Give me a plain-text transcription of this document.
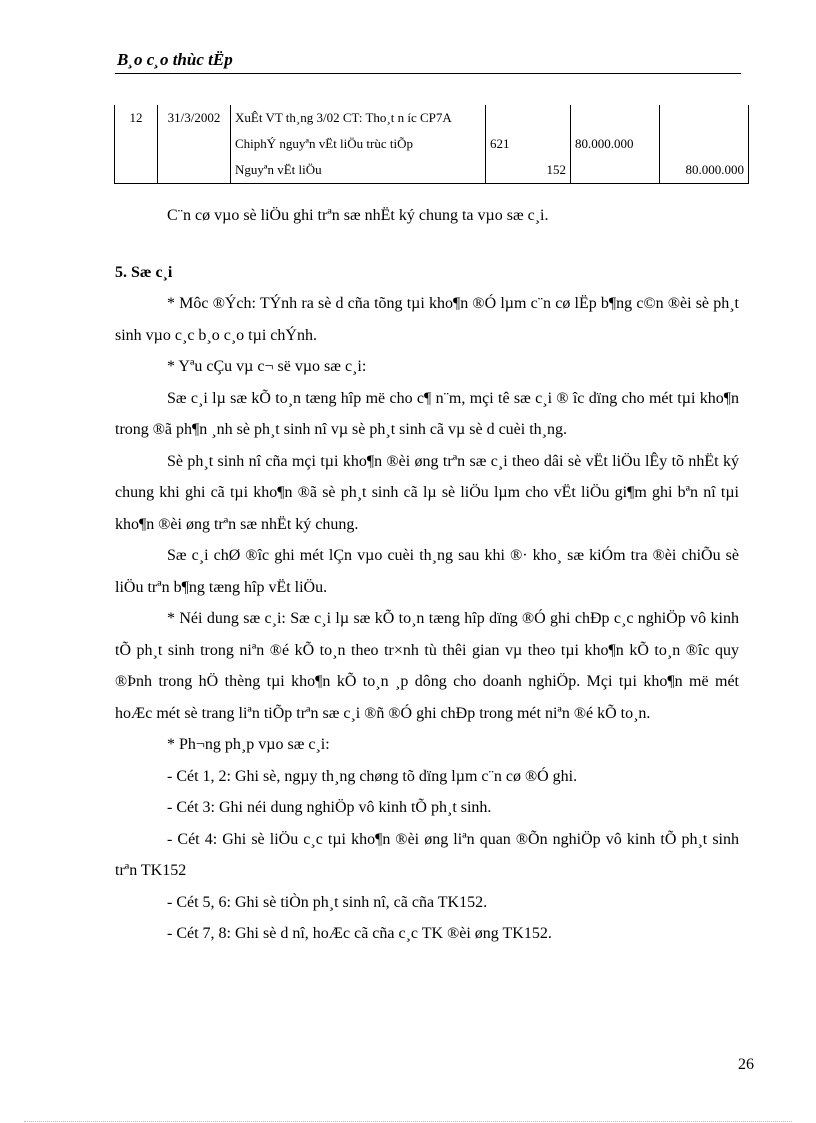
B¸o c¸o thùc tËp
12	31/3/2002	XuÊt VT th¸ng 3/02 CT: Tho¸t n íc CP7A				
		ChiphÝ nguyªn vËt liÖu trùc tiÕp	621		80.000.000	
		Nguyªn vËt liÖu		152		80.000.000

C¨n cø vµo sè liÖu ghi trªn sæ nhËt ký chung ta vµo sæ c¸i.

5. Sæ c¸i

* Môc ®Ých: TÝnh ra sè d cña tõng tµi kho¶n ®Ó lµm c¨n cø lËp b¶ng c©n ®èi sè ph¸t sinh vµo c¸c b¸o c¸o tµi chÝnh.

* Yªu cÇu vµ c¬ së vµo sæ c¸i:

Sæ c¸i lµ sæ kÕ to¸n tæng hîp më cho c¶ n¨m, mçi tê sæ c¸i ® îc dïng cho mét tµi kho¶n trong ®ã ph¶n ¸nh sè ph¸t sinh nî vµ sè ph¸t sinh cã vµ sè d cuèi th¸ng.

Sè ph¸t sinh nî cña mçi tµi kho¶n ®èi øng trªn sæ c¸i theo dâi sè vËt liÖu lÊy tõ nhËt ký chung khi ghi cã tµi kho¶n ®ã sè ph¸t sinh cã lµ sè liÖu lµm cho vËt liÖu gi¶m ghi bªn nî tµi kho¶n ®èi øng trªn sæ nhËt ký chung.

Sæ c¸i chØ ®îc ghi mét lÇn vµo cuèi th¸ng sau khi ®· kho¸ sæ kiÓm tra ®èi chiÕu sè liÖu trªn b¶ng tæng hîp vËt liÖu.

* Néi dung sæ c¸i: Sæ c¸i lµ sæ kÕ to¸n tæng hîp dïng ®Ó ghi chÐp c¸c nghiÖp vô kinh tÕ ph¸t sinh trong niªn ®é kÕ to¸n theo tr×nh tù thêi gian vµ theo tµi kho¶n kÕ to¸n ®îc quy ®Þnh trong hÖ thèng tµi kho¶n kÕ to¸n ¸p dông cho doanh nghiÖp. Mçi tµi kho¶n më mét hoÆc mét sè trang liªn tiÕp trªn sæ c¸i ®ñ ®Ó ghi chÐp trong mét niªn ®é kÕ to¸n.

* Ph¬ng ph¸p vµo sæ c¸i:

- Cét 1, 2: Ghi sè, ngµy th¸ng chøng tõ dïng lµm c¨n cø ®Ó ghi.

- Cét 3: Ghi néi dung nghiÖp vô kinh tÕ ph¸t sinh.

- Cét 4: Ghi sè liÖu c¸c tµi kho¶n ®èi øng liªn quan ®Õn nghiÖp vô kinh tÕ ph¸t sinh trªn TK152

- Cét 5, 6: Ghi sè tiÒn ph¸t sinh nî, cã cña TK152.

- Cét 7, 8: Ghi sè d nî, hoÆc cã cña c¸c TK ®èi øng TK152.

26
